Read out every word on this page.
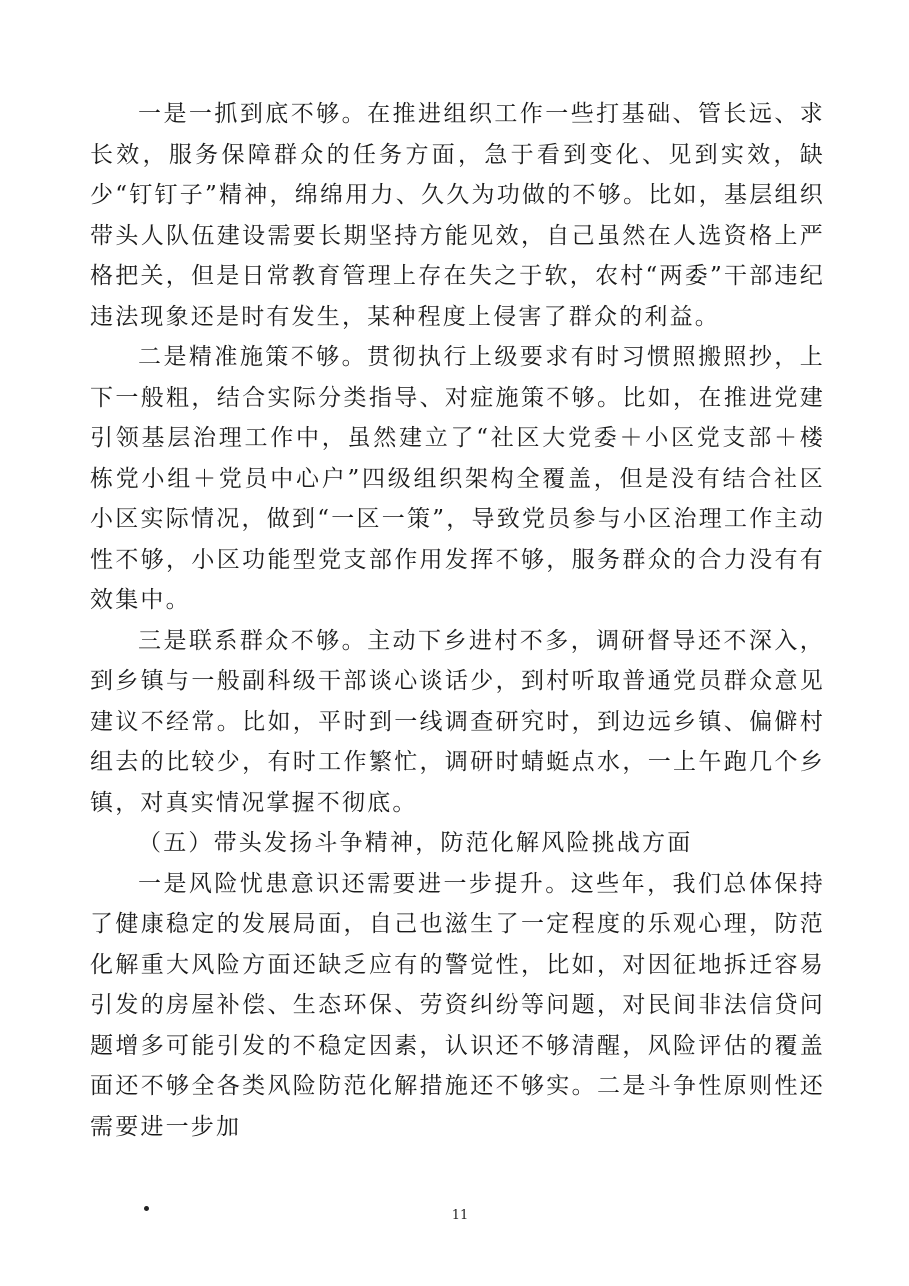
一是一抓到底不够。在推进组织工作一些打基础、管长远、求长效，服务保障群众的任务方面，急于看到变化、见到实效，缺少“钉钉子”精神，绵绵用力、久久为功做的不够。比如，基层组织带头人队伍建设需要长期坚持方能见效，自己虽然在人选资格上严格把关，但是日常教育管理上存在失之于软，农村“两委”干部违纪违法现象还是时有发生，某种程度上侵害了群众的利益。

二是精准施策不够。贯彻执行上级要求有时习惯照搬照抄，上下一般粗，结合实际分类指导、对症施策不够。比如，在推进党建引领基层治理工作中，虽然建立了“社区大党委＋小区党支部＋楼栋党小组＋党员中心户”四级组织架构全覆盖，但是没有结合社区小区实际情况，做到“一区一策”，导致党员参与小区治理工作主动性不够，小区功能型党支部作用发挥不够，服务群众的合力没有有效集中。

三是联系群众不够。主动下乡进村不多，调研督导还不深入，到乡镇与一般副科级干部谈心谈话少，到村听取普通党员群众意见建议不经常。比如，平时到一线调查研究时，到边远乡镇、偏僻村组去的比较少，有时工作繁忙，调研时蜻蜓点水，一上午跑几个乡镇，对真实情况掌握不彻底。

（五）带头发扬斗争精神，防范化解风险挑战方面

一是风险忧患意识还需要进一步提升。这些年，我们总体保持了健康稳定的发展局面，自己也滋生了一定程度的乐观心理，防范化解重大风险方面还缺乏应有的警觉性，比如，对因征地拆迁容易引发的房屋补偿、生态环保、劳资纠纷等问题，对民间非法信贷问题增多可能引发的不稳定因素，认识还不够清醒，风险评估的覆盖面还不够全各类风险防范化解措施还不够实。二是斗争性原则性还需要进一步加

11
